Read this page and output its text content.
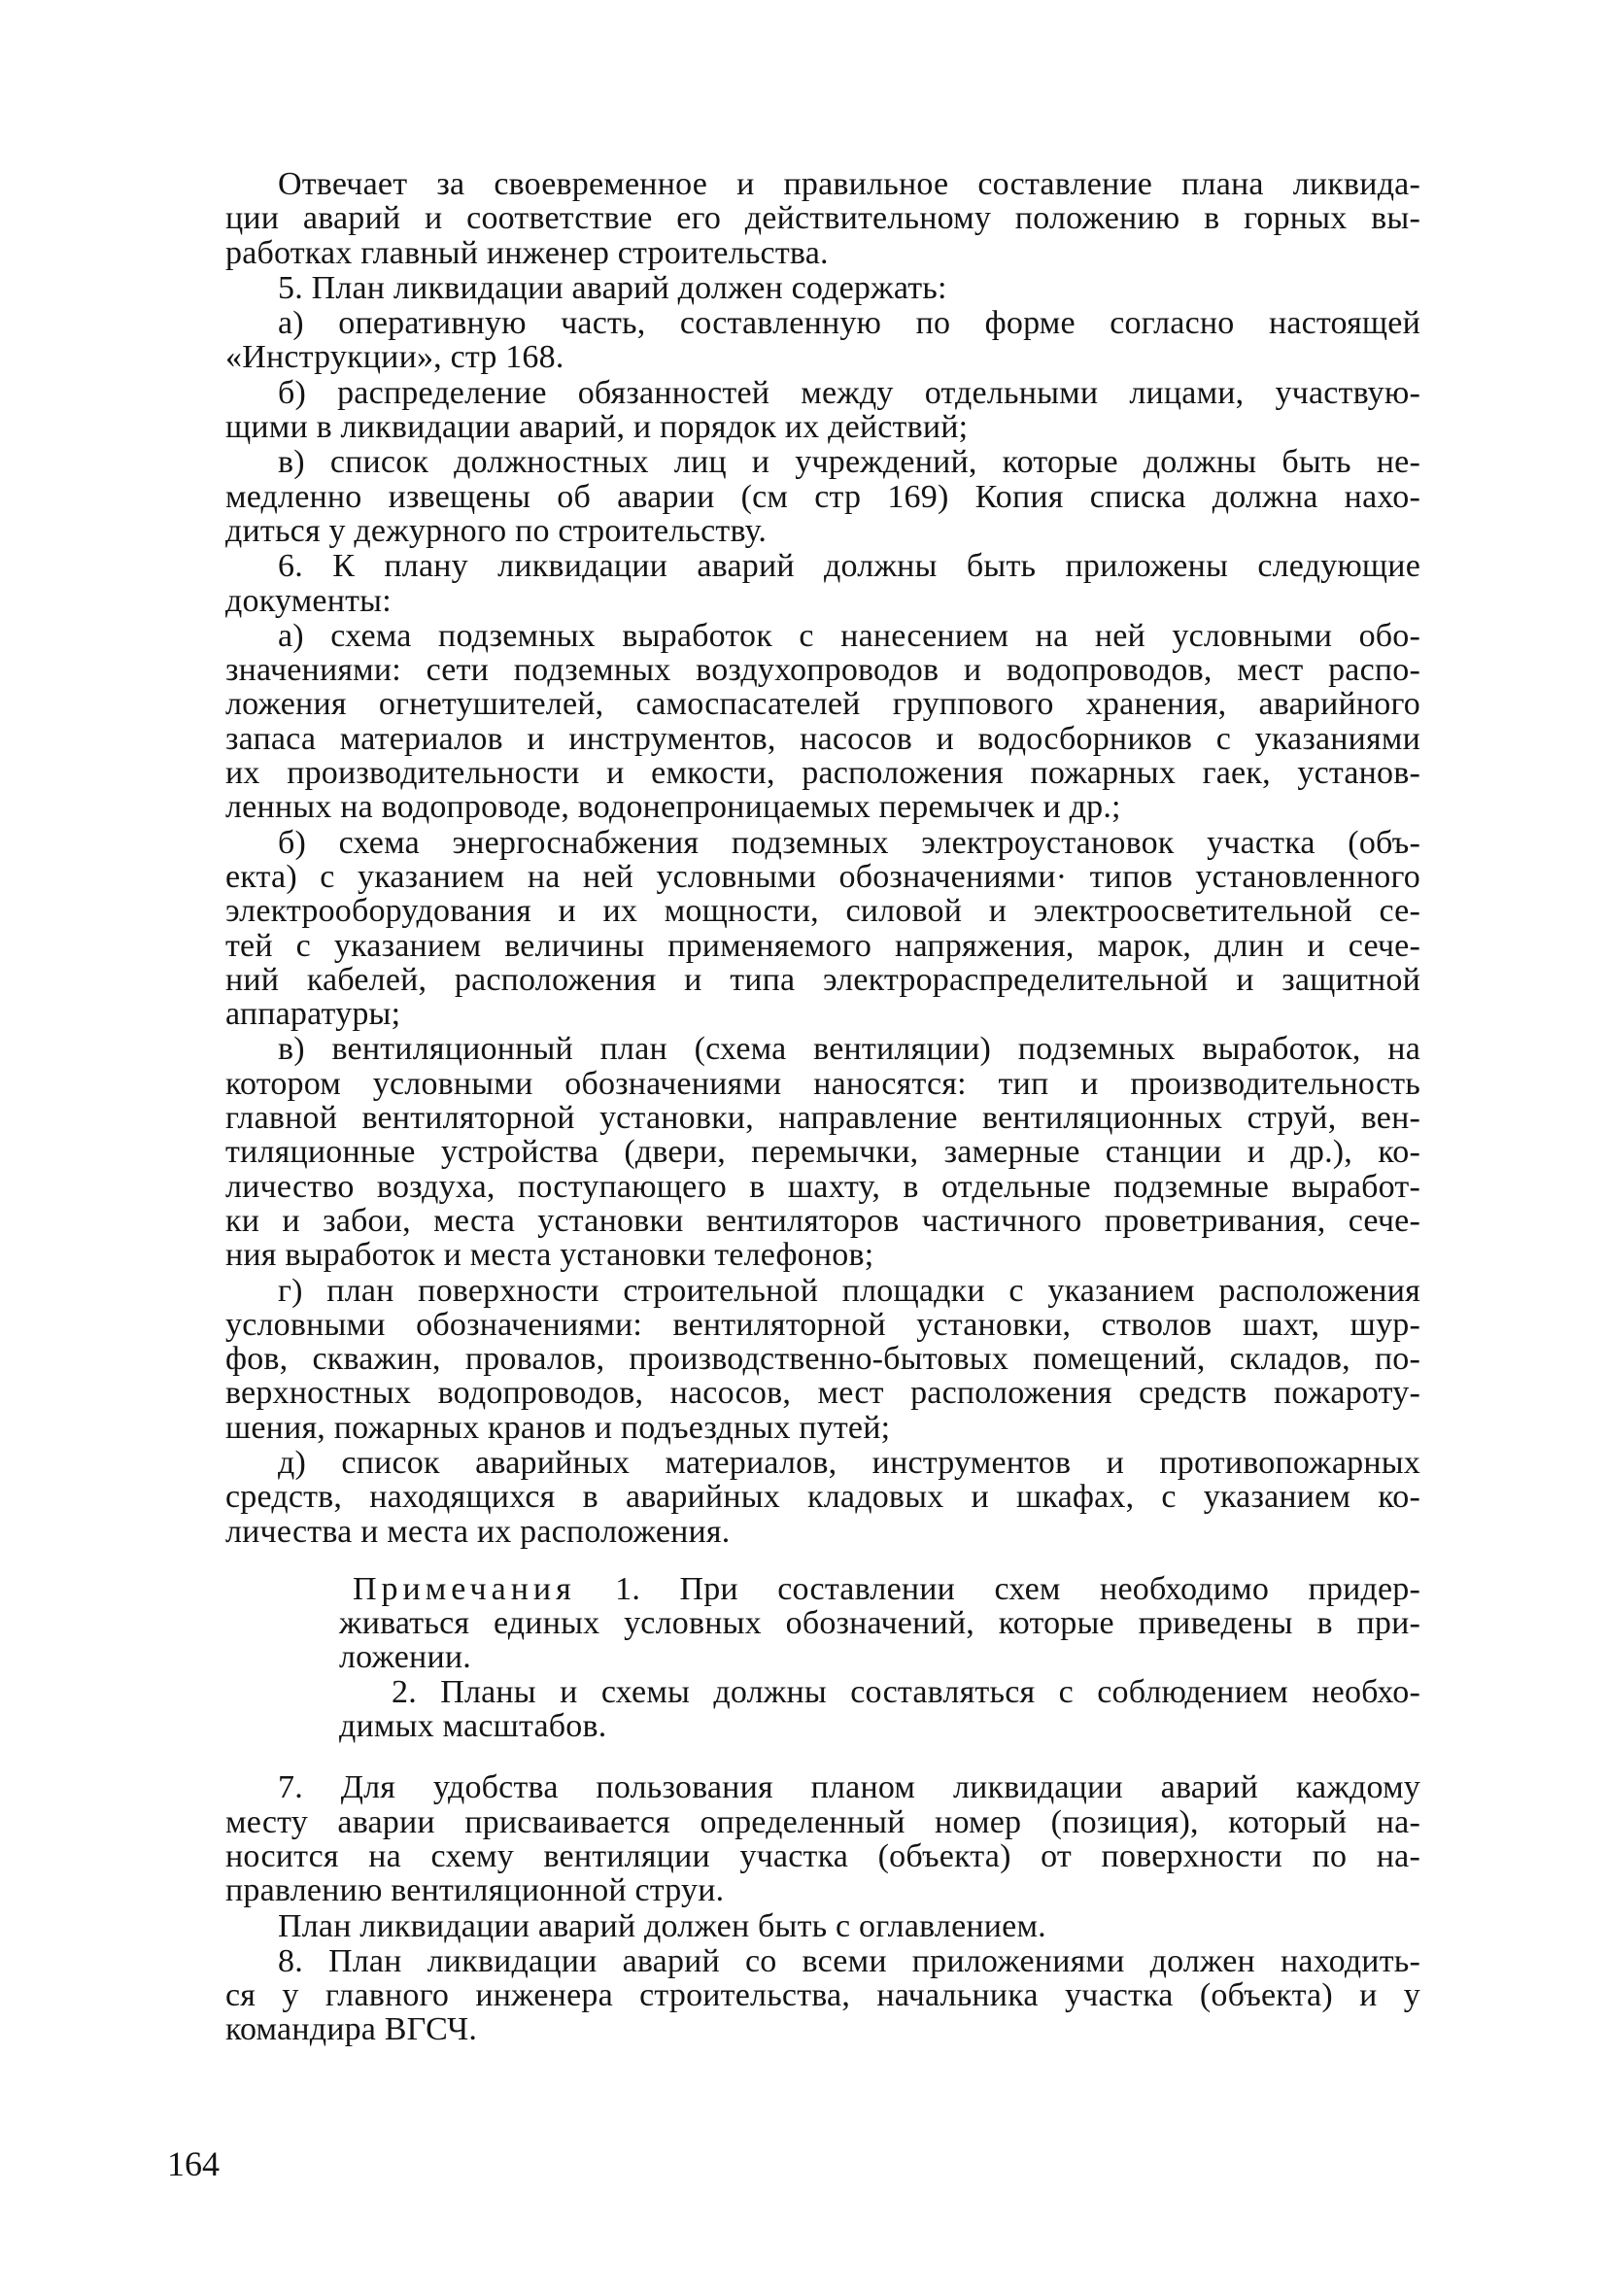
Отвечает за своевременное и правильное составление плана ликвида-
ции аварий и соответствие его действительному положению в горных вы-
работках главный инженер строительства.
5. План ликвидации аварий должен содержать:
а) оперативную часть, составленную по форме согласно настоящей
«Инструкции», стр 168.
б) распределение обязанностей между отдельными лицами, участвую-
щими в ликвидации аварий, и порядок их действий;
в) список должностных лиц и учреждений, которые должны быть не-
медленно извещены об аварии (см стр 169) Копия списка должна нахо-
диться у дежурного по строительству.
6. К плану ликвидации аварий должны быть приложены следующие
документы:
а) схема подземных выработок с нанесением на ней условными обо-
значениями: сети подземных воздухопроводов и водопроводов, мест распо-
ложения огнетушителей, самоспасателей группового хранения, аварийного
запаса материалов и инструментов, насосов и водосборников с указаниями
их производительности и емкости, расположения пожарных гаек, установ-
ленных на водопроводе, водонепроницаемых перемычек и др.;
б) схема энергоснабжения подземных электроустановок участка (объ-
екта) с указанием на ней условными обозначениями· типов установленного
электрооборудования и их мощности, силовой и электроосветительной се-
тей с указанием величины применяемого напряжения, марок, длин и сече-
ний кабелей, расположения и типа электрораспределительной и защитной
аппаратуры;
в) вентиляционный план (схема вентиляции) подземных выработок, на
котором условными обозначениями наносятся: тип и производительность
главной вентиляторной установки, направление вентиляционных струй, вен-
тиляционные устройства (двери, перемычки, замерные станции и др.), ко-
личество воздуха, поступающего в шахту, в отдельные подземные выработ-
ки и забои, места установки вентиляторов частичного проветривания, сече-
ния выработок и места установки телефонов;
г) план поверхности строительной площадки с указанием расположения
условными обозначениями: вентиляторной установки, стволов шахт, шур-
фов, скважин, провалов, производственно-бытовых помещений, складов, по-
верхностных водопроводов, насосов, мест расположения средств пожароту-
шения, пожарных кранов и подъездных путей;
д) список аварийных материалов, инструментов и противопожарных
средств, находящихся в аварийных кладовых и шкафах, с указанием ко-
личества и места их расположения.
Примечания 1. При составлении схем необходимо придер-
живаться единых условных обозначений, которые приведены в при-
ложении.
2. Планы и схемы должны составляться с соблюдением необхо-
димых масштабов.
7. Для удобства пользования планом ликвидации аварий каждому
месту аварии присваивается определенный номер (позиция), который на-
носится на схему вентиляции участка (объекта) от поверхности по на-
правлению вентиляционной струи.
План ликвидации аварий должен быть с оглавлением.
8. План ликвидации аварий со всеми приложениями должен находить-
ся у главного инженера строительства, начальника участка (объекта) и у
командира ВГСЧ.
164
